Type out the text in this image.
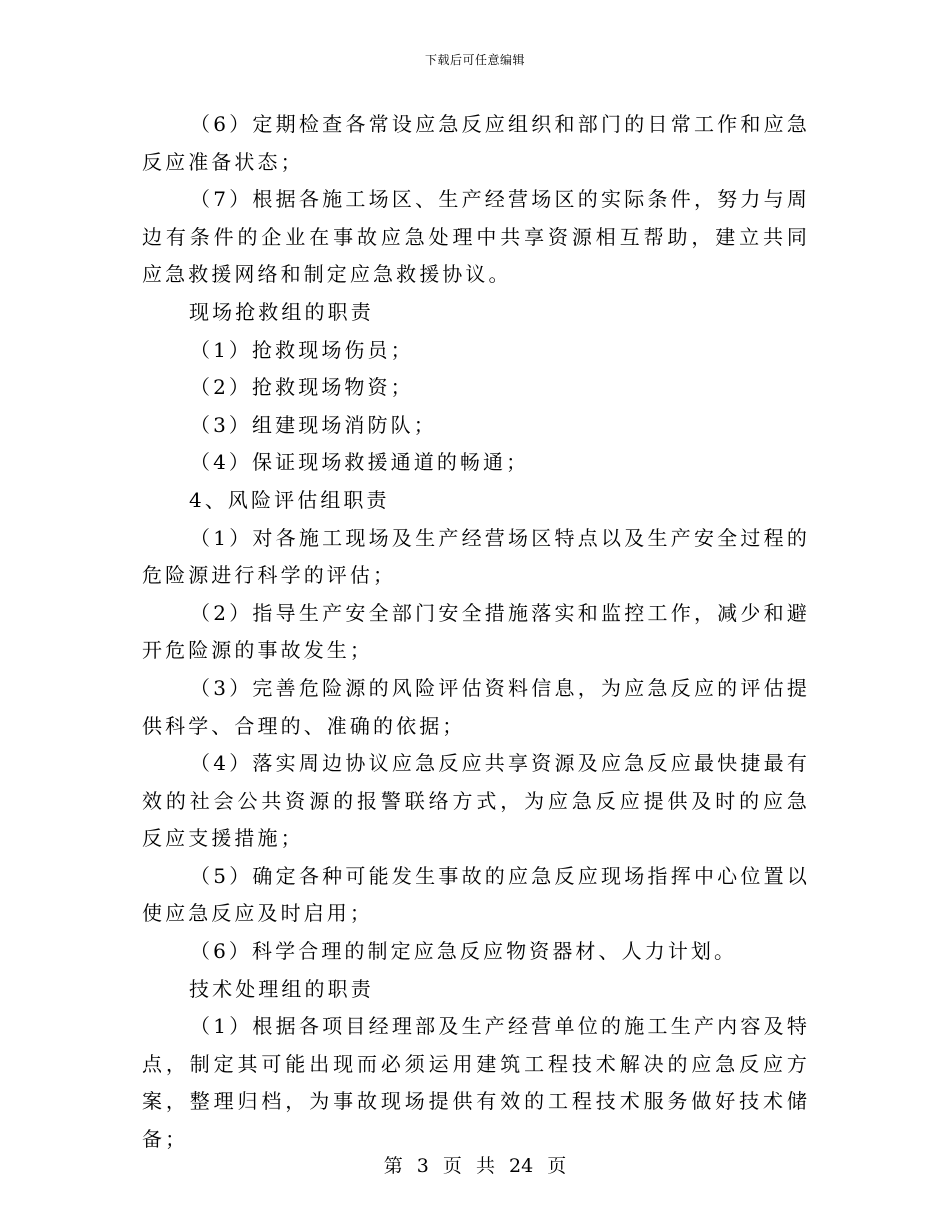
下载后可任意编辑

（6）定期检查各常设应急反应组织和部门的日常工作和应急反应准备状态；

（7）根据各施工场区、生产经营场区的实际条件，努力与周边有条件的企业在事故应急处理中共享资源相互帮助，建立共同应急救援网络和制定应急救援协议。

现场抢救组的职责

（1）抢救现场伤员；

（2）抢救现场物资；

（3）组建现场消防队；

（4）保证现场救援通道的畅通；

4、风险评估组职责

（1）对各施工现场及生产经营场区特点以及生产安全过程的危险源进行科学的评估；

（2）指导生产安全部门安全措施落实和监控工作，减少和避开危险源的事故发生；

（3）完善危险源的风险评估资料信息，为应急反应的评估提供科学、合理的、准确的依据；

（4）落实周边协议应急反应共享资源及应急反应最快捷最有效的社会公共资源的报警联络方式，为应急反应提供及时的应急反应支援措施；

（5）确定各种可能发生事故的应急反应现场指挥中心位置以使应急反应及时启用；

（6）科学合理的制定应急反应物资器材、人力计划。

技术处理组的职责

（1）根据各项目经理部及生产经营单位的施工生产内容及特点，制定其可能出现而必须运用建筑工程技术解决的应急反应方案，整理归档，为事故现场提供有效的工程技术服务做好技术储备；

第 3 页 共 24 页
